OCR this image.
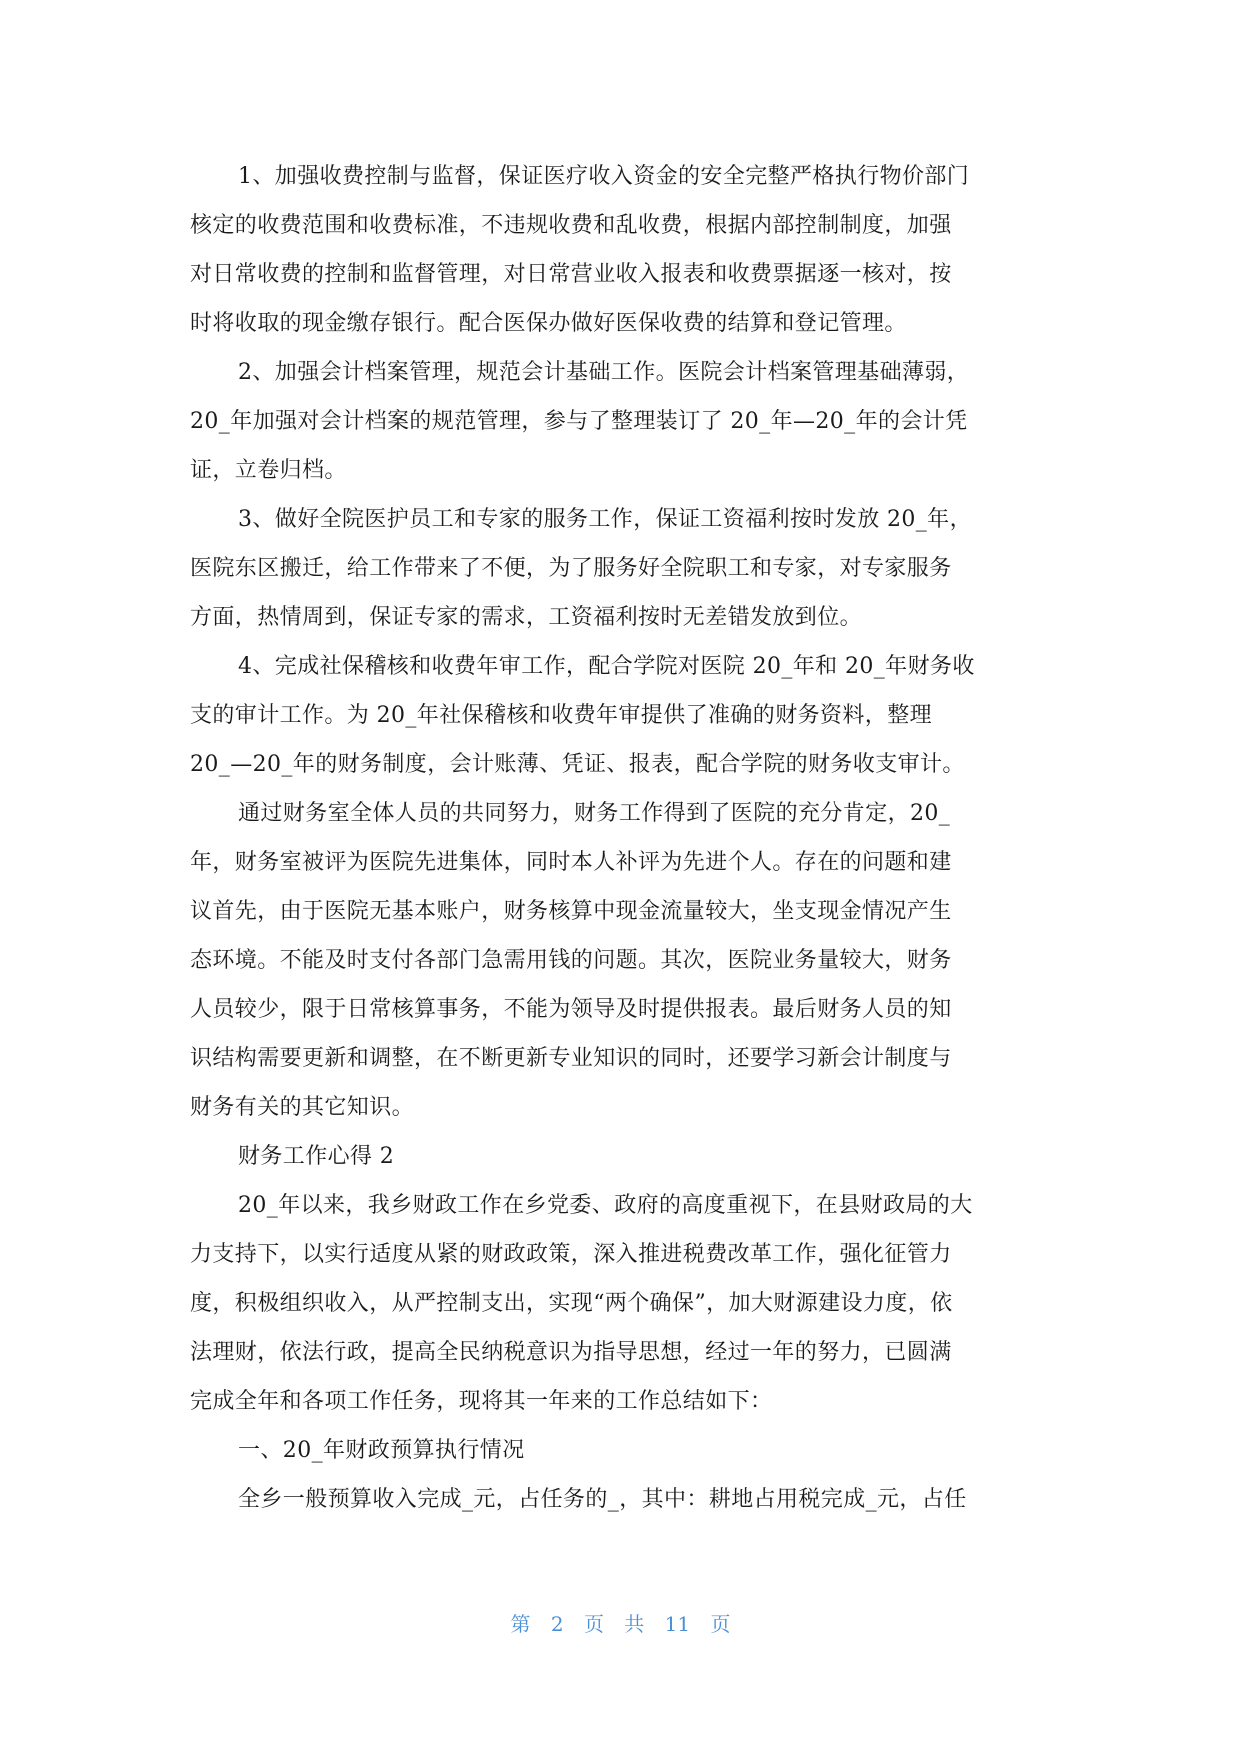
1、加强收费控制与监督，保证医疗收入资金的安全完整严格执行物价部门
核定的收费范围和收费标准，不违规收费和乱收费，根据内部控制制度，加强
对日常收费的控制和监督管理，对日常营业收入报表和收费票据逐一核对，按
时将收取的现金缴存银行。配合医保办做好医保收费的结算和登记管理。
2、加强会计档案管理，规范会计基础工作。医院会计档案管理基础薄弱，
20_年加强对会计档案的规范管理，参与了整理装订了 20_年—20_年的会计凭
证，立卷归档。
3、做好全院医护员工和专家的服务工作，保证工资福利按时发放 20_年，
医院东区搬迁，给工作带来了不便，为了服务好全院职工和专家，对专家服务
方面，热情周到，保证专家的需求，工资福利按时无差错发放到位。
4、完成社保稽核和收费年审工作，配合学院对医院 20_年和 20_年财务收
支的审计工作。为 20_年社保稽核和收费年审提供了准确的财务资料，整理
20_—20_年的财务制度，会计账薄、凭证、报表，配合学院的财务收支审计。
通过财务室全体人员的共同努力，财务工作得到了医院的充分肯定，20_
年，财务室被评为医院先进集体，同时本人补评为先进个人。存在的问题和建
议首先，由于医院无基本账户，财务核算中现金流量较大，坐支现金情况产生
态环境。不能及时支付各部门急需用钱的问题。其次，医院业务量较大，财务
人员较少，限于日常核算事务，不能为领导及时提供报表。最后财务人员的知
识结构需要更新和调整，在不断更新专业知识的同时，还要学习新会计制度与
财务有关的其它知识。
财务工作心得 2
20_年以来，我乡财政工作在乡党委、政府的高度重视下，在县财政局的大
力支持下，以实行适度从紧的财政政策，深入推进税费改革工作，强化征管力
度，积极组织收入，从严控制支出，实现“两个确保”，加大财源建设力度，依
法理财，依法行政，提高全民纳税意识为指导思想，经过一年的努力，已圆满
完成全年和各项工作任务，现将其一年来的工作总结如下：
一、20_年财政预算执行情况
全乡一般预算收入完成_元，占任务的_，其中：耕地占用税完成_元，占任
第 2 页 共 11 页
